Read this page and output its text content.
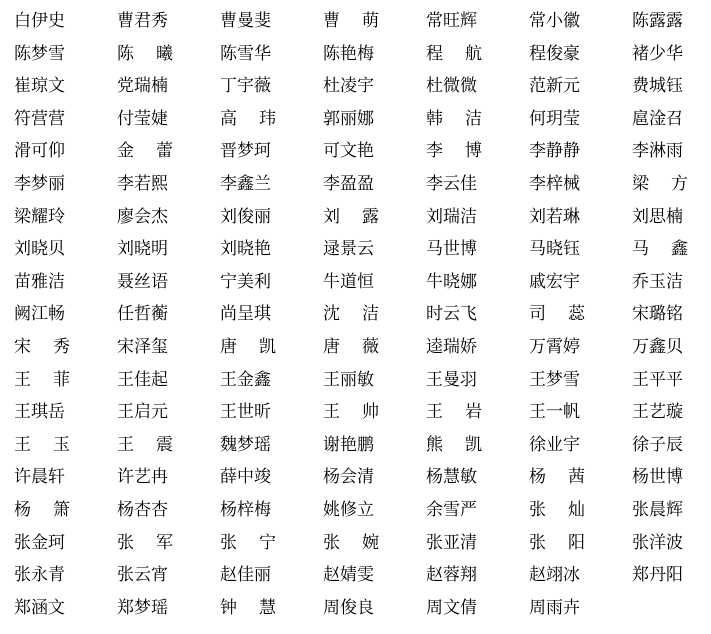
白伊史	曹君秀	曹曼斐	曹 萌	常旺辉	常小徽	陈露露
陈梦雪	陈 曦	陈雪华	陈艳梅	程 航	程俊豪	褚少华
崔琼文	党瑞楠	丁宇薇	杜凌宇	杜微微	范新元	费城钰
符营营	付莹婕	高 玮	郭丽娜	韩 洁	何玥莹	扈淦召
滑可仰	金 蕾	晋梦珂	可文艳	李 博	李静静	李淋雨
李梦丽	李若熙	李鑫兰	李盈盈	李云佳	李梓械	梁 方
梁耀玲	廖会杰	刘俊丽	刘 露	刘瑞洁	刘若琳	刘思楠
刘晓贝	刘晓明	刘晓艳	逯景云	马世博	马晓钰	马 鑫
苗雅洁	聂丝语	宁美利	牛道恒	牛晓娜	戚宏宇	乔玉洁
阙江畅	任哲蘅	尚呈琪	沈 洁	时云飞	司 蕊	宋璐铭
宋 秀	宋泽玺	唐 凯	唐 薇	逵瑞娇	万霄婷	万鑫贝
王 菲	王佳起	王金鑫	王丽敏	王曼羽	王梦雪	王平平
王琪岳	王启元	王世昕	王 帅	王 岩	王一帆	王艺璇
王 玉	王 震	魏梦瑶	谢艳鹏	熊 凯	徐业宇	徐子辰
许晨轩	许艺冉	薛中竣	杨会清	杨慧敏	杨 茜	杨世博
杨 箫	杨杏杏	杨梓梅	姚修立	余雪严	张 灿	张晨辉
张金珂	张 军	张 宁	张 婉	张亚清	张 阳	张洋波
张永青	张云宵	赵佳丽	赵婧雯	赵蓉翔	赵翊冰	郑丹阳
郑涵文	郑梦瑶	钟 慧	周俊良	周文倩	周雨卉
